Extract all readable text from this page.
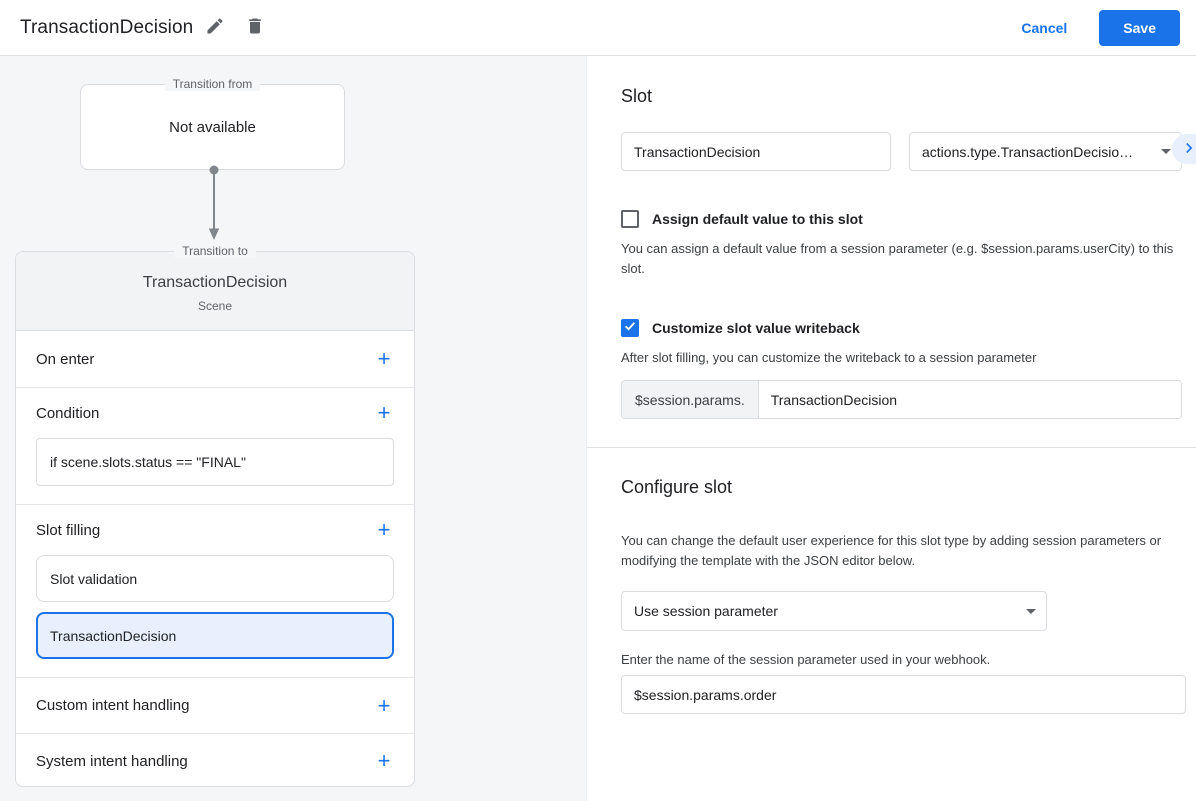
TransactionDecision	Cancel	Save
Transition from
Not available
Transition to
TransactionDecision
Scene
On enter	+
Condition	+
if scene.slots.status == "FINAL"
Slot filling	+
Slot validation
TransactionDecision
Custom intent handling	+
System intent handling	+
Slot
TransactionDecision
actions.type.TransactionDecisio…
Assign default value to this slot
You can assign a default value from a session parameter (e.g. $session.params.userCity) to this slot.
Customize slot value writeback
After slot filling, you can customize the writeback to a session parameter
$session.params.
TransactionDecision
Configure slot
You can change the default user experience for this slot type by adding session parameters or modifying the template with the JSON editor below.
Use session parameter
Enter the name of the session parameter used in your webhook.
$session.params.order
